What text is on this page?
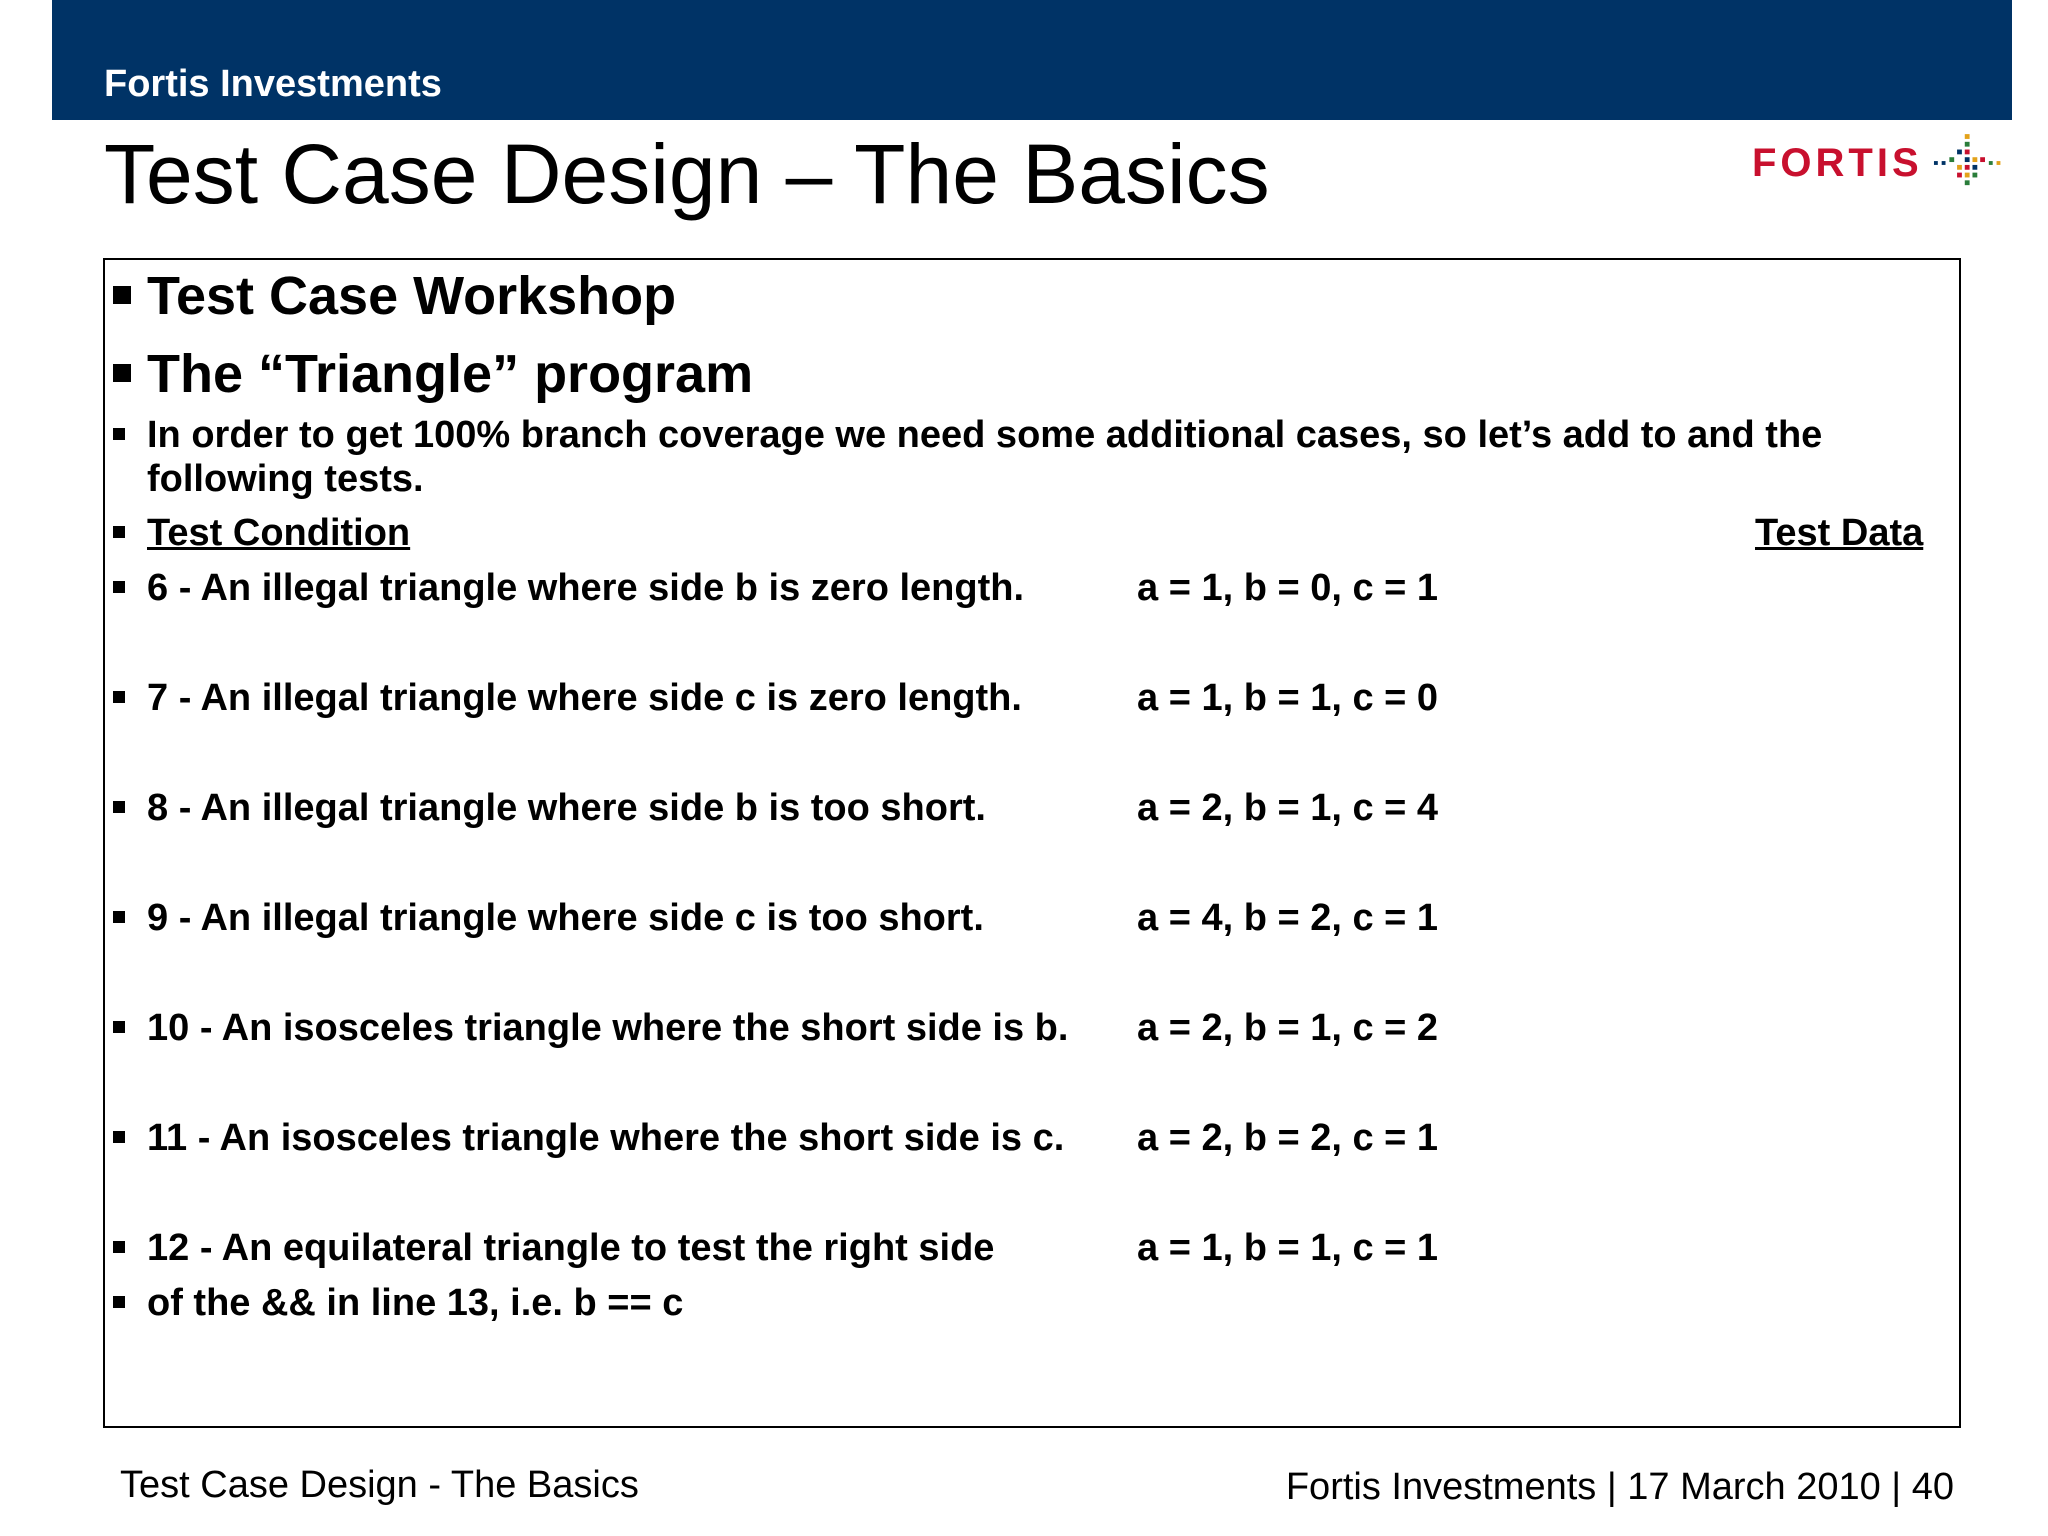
Fortis Investments
Test Case Design – The Basics	FORTIS
Test Case Workshop
The “Triangle” program
In order to get 100% branch coverage we need some additional cases, so let’s add to and the
following tests.
Test Condition	Test Data
6 - An illegal triangle where side b is zero length.	a = 1, b = 0, c = 1
7 - An illegal triangle where side c is zero length.	a = 1, b = 1, c = 0
8 - An illegal triangle where side b is too short.	a = 2, b = 1, c = 4
9 - An illegal triangle where side c is too short.	a = 4, b = 2, c = 1
10 - An isosceles triangle where the short side is b. a = 2, b = 1, c = 2
11 - An isosceles triangle where the short side is c. a = 2, b = 2, c = 1
12 - An equilateral triangle to test the right side	a = 1, b = 1, c = 1
of the && in line 13, i.e. b == c
Test Case Design - The Basics	Fortis Investments | 17 March 2010 | 40
